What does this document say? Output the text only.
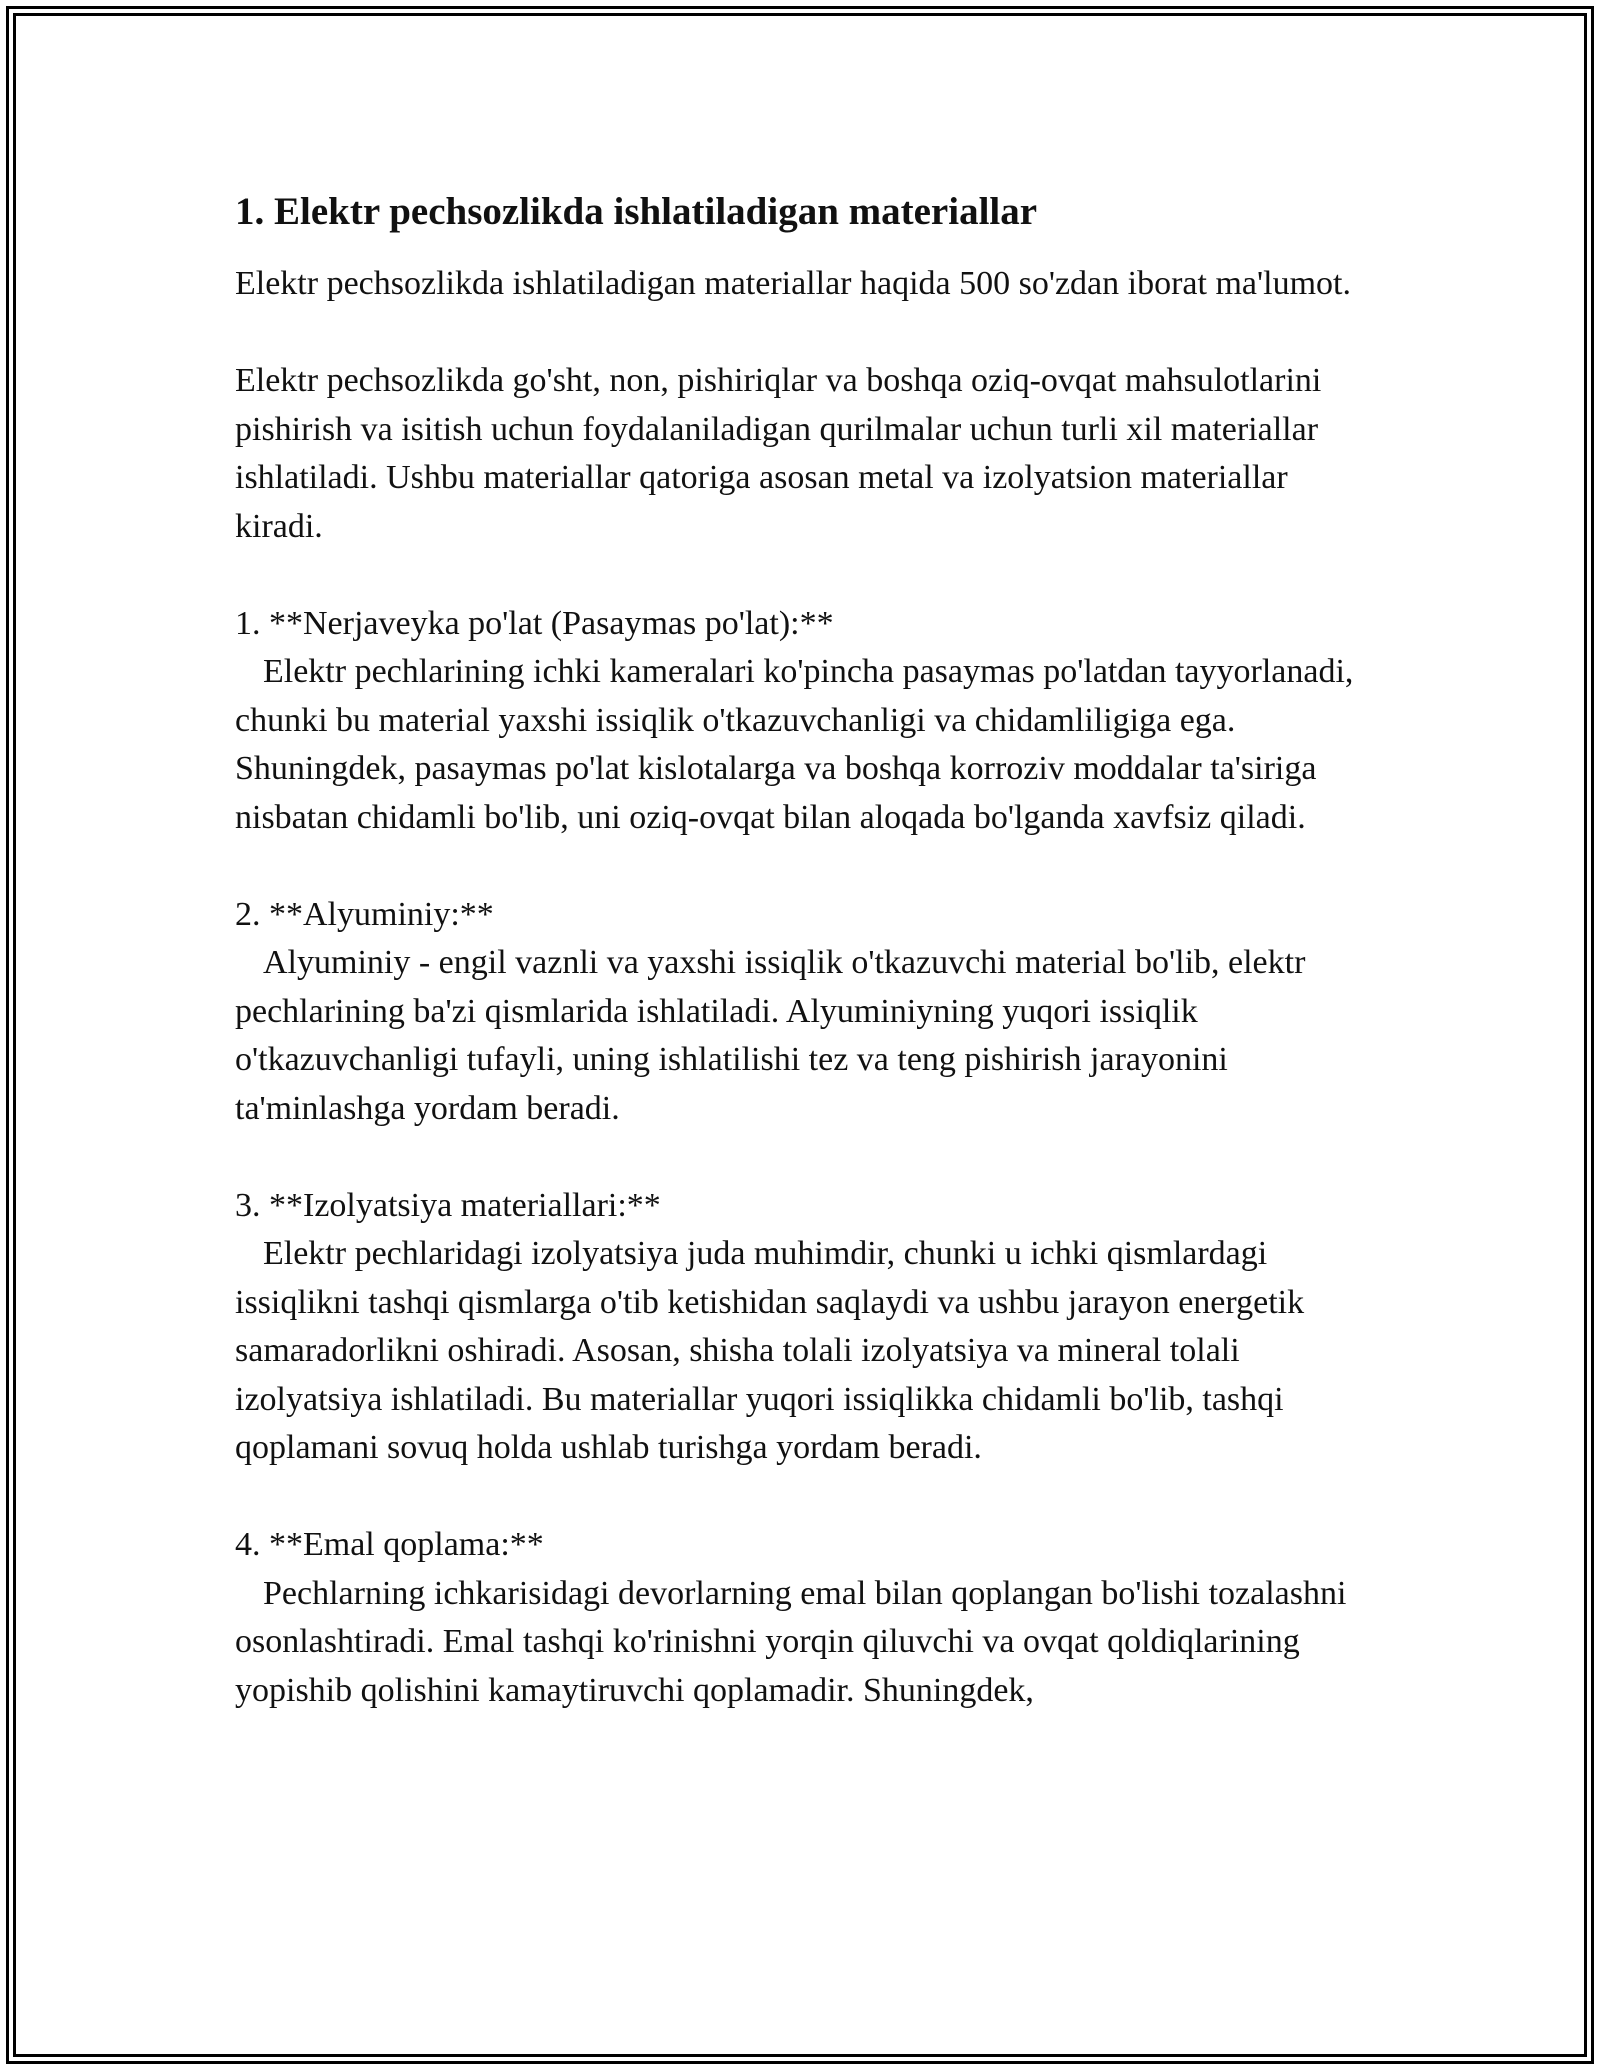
1. Elektr pechsozlikda ishlatiladigan materiallar

Elektr pechsozlikda ishlatiladigan materiallar haqida 500 so'zdan iborat ma'lumot.

Elektr pechsozlikda go'sht, non, pishiriqlar va boshqa oziq-ovqat mahsulotlarini pishirish va isitish uchun foydalaniladigan qurilmalar uchun turli xil materiallar ishlatiladi. Ushbu materiallar qatoriga asosan metal va izolyatsion materiallar kiradi.

1. **Nerjaveyka po'lat (Pasaymas po'lat):**

Elektr pechlarining ichki kameralari ko'pincha pasaymas po'latdan tayyorlanadi, chunki bu material yaxshi issiqlik o'tkazuvchanligi va chidamliligiga ega. Shuningdek, pasaymas po'lat kislotalarga va boshqa korroziv moddalar ta'siriga nisbatan chidamli bo'lib, uni oziq-ovqat bilan aloqada bo'lganda xavfsiz qiladi.

2. **Alyuminiy:**

Alyuminiy - engil vaznli va yaxshi issiqlik o'tkazuvchi material bo'lib, elektr pechlarining ba'zi qismlarida ishlatiladi. Alyuminiyning yuqori issiqlik o'tkazuvchanligi tufayli, uning ishlatilishi tez va teng pishirish jarayonini ta'minlashga yordam beradi.

3. **Izolyatsiya materiallari:**

Elektr pechlaridagi izolyatsiya juda muhimdir, chunki u ichki qismlardagi issiqlikni tashqi qismlarga o'tib ketishidan saqlaydi va ushbu jarayon energetik samaradorlikni oshiradi. Asosan, shisha tolali izolyatsiya va mineral tolali izolyatsiya ishlatiladi. Bu materiallar yuqori issiqlikka chidamli bo'lib, tashqi qoplamani sovuq holda ushlab turishga yordam beradi.

4. **Emal qoplama:**

Pechlarning ichkarisidagi devorlarning emal bilan qoplangan bo'lishi tozalashni osonlashtiradi. Emal tashqi ko'rinishni yorqin qiluvchi va ovqat qoldiqlarining yopishib qolishini kamaytiruvchi qoplamadir. Shuningdek,
